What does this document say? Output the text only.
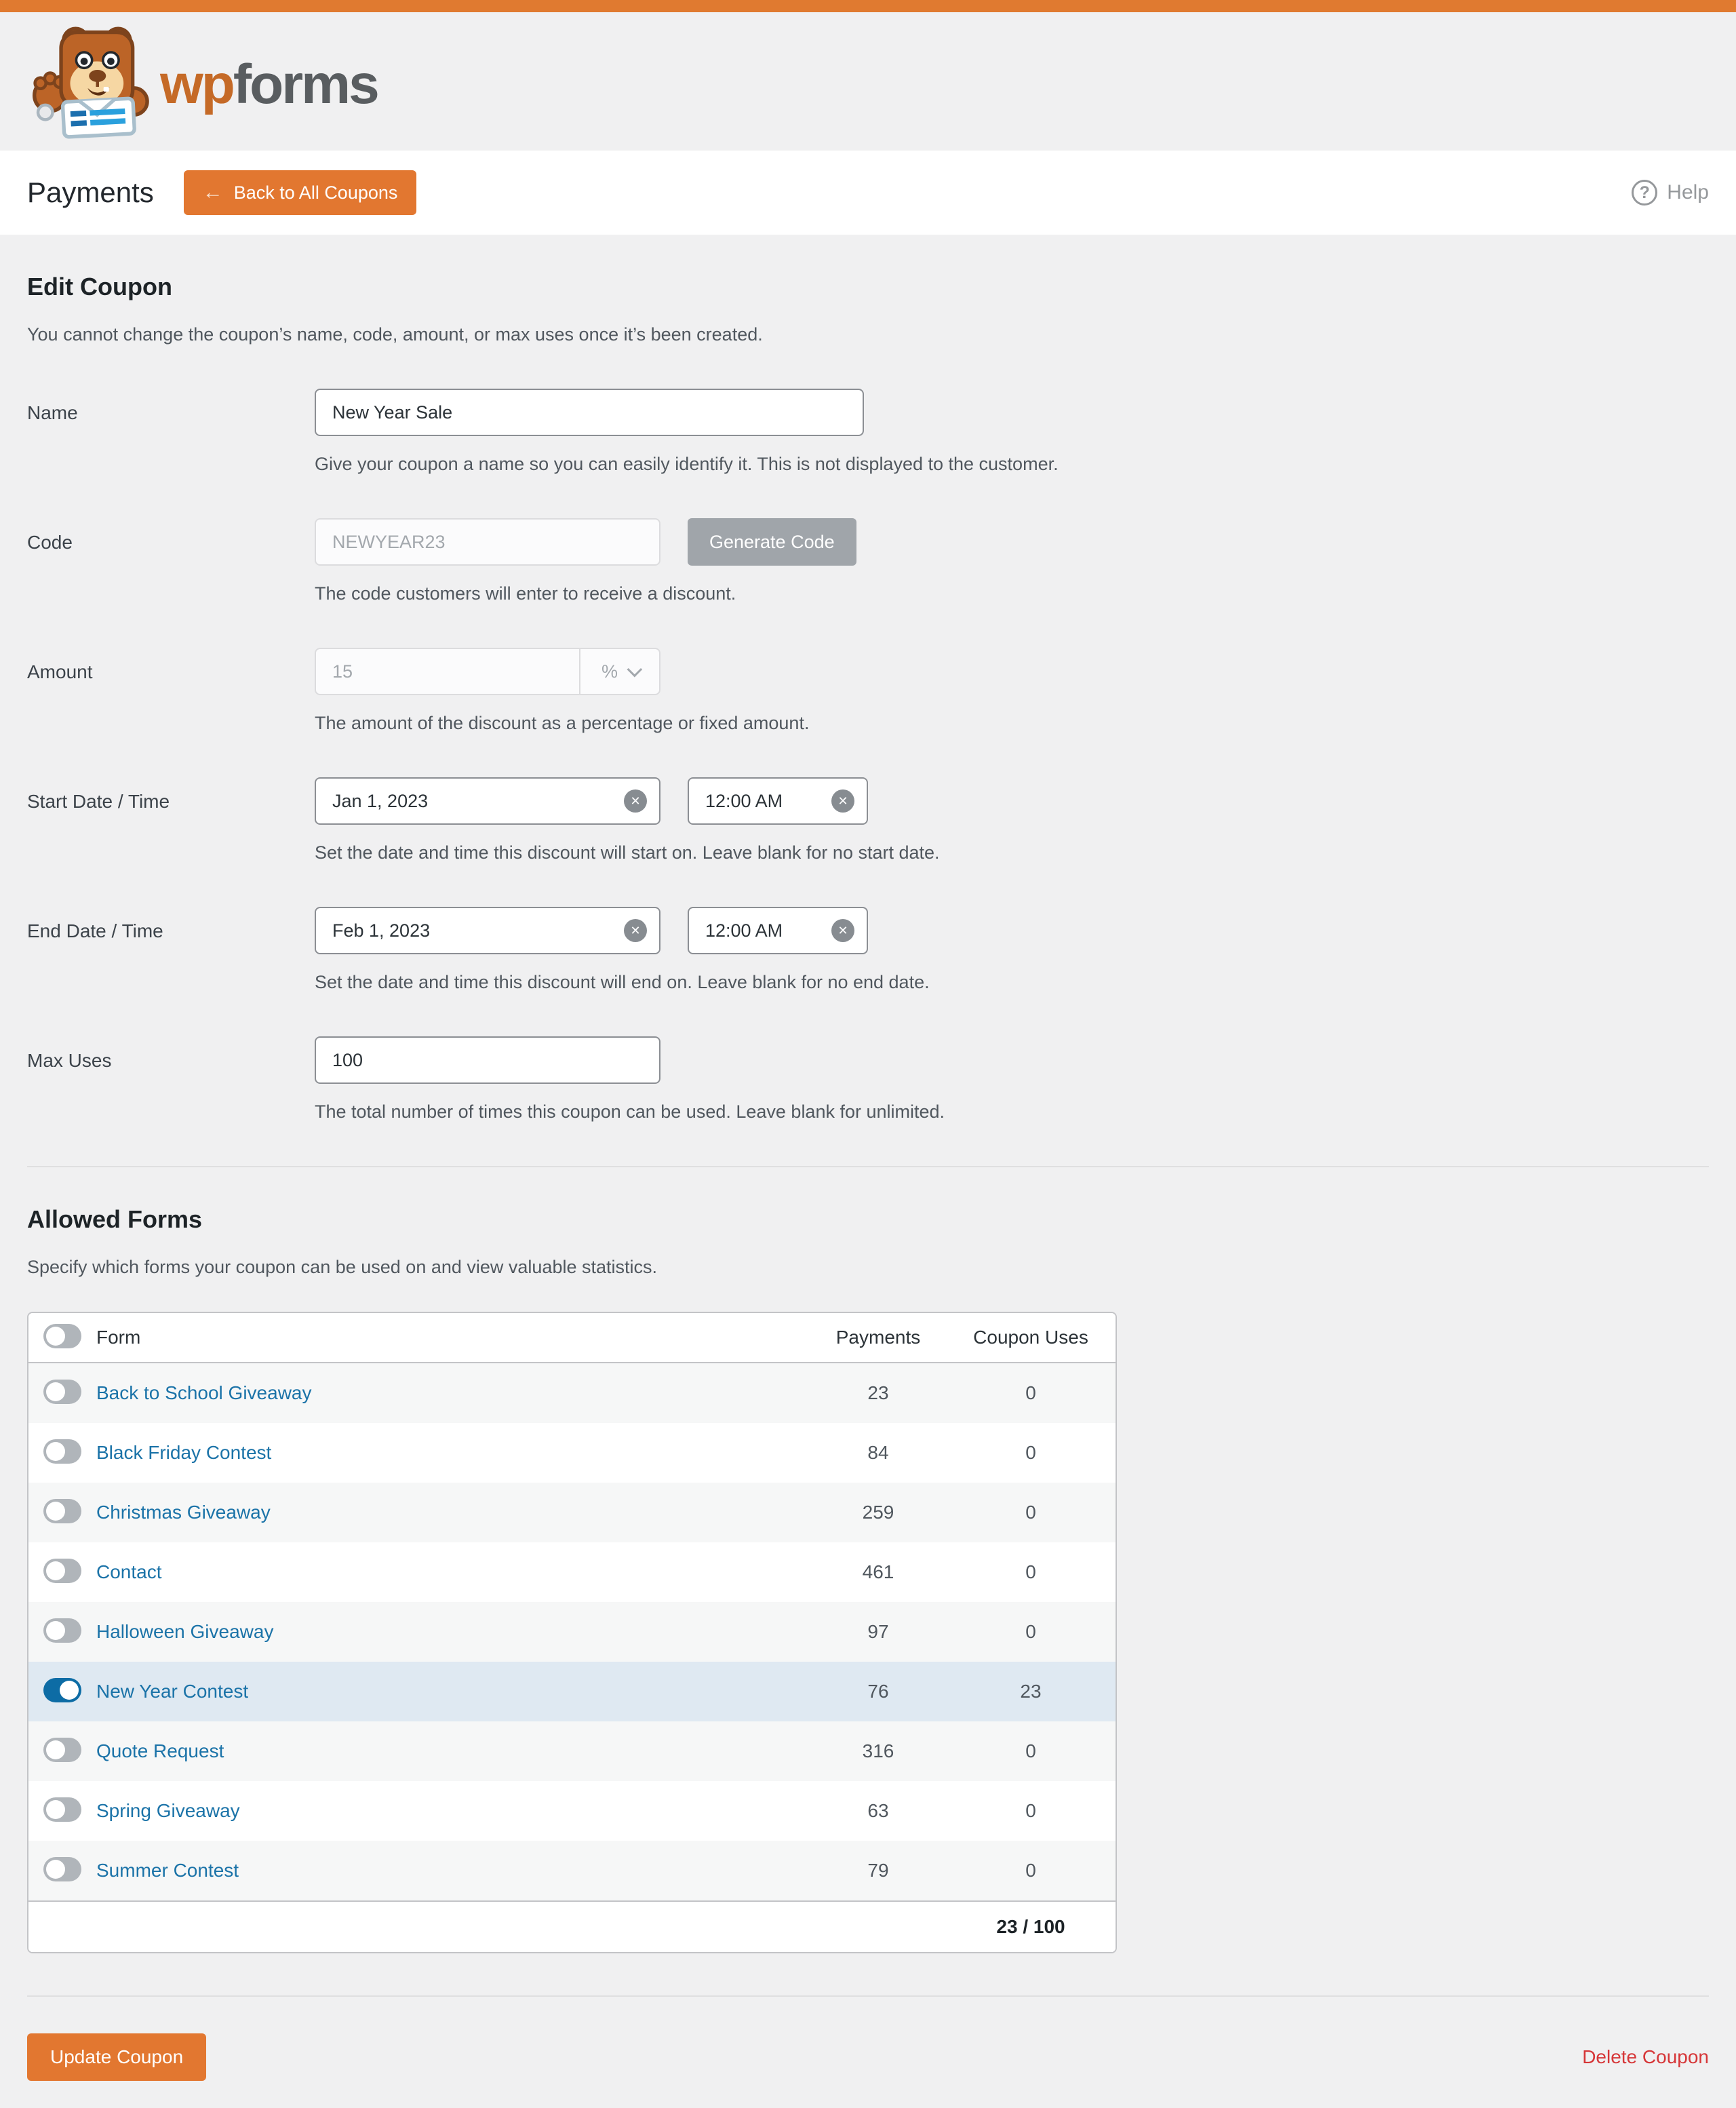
wpforms
Payments ←	Back to All Coupons ?	Help
Edit Coupon

You cannot change the coupon’s name, code, amount, or max uses once it’s been created.

Name
New Year Sale
Give your coupon a name so you can easily identify it. This is not displayed to the customer.
Code
NEWYEAR23	Generate Code
The code customers will enter to receive a discount.
Amount	15	%
The amount of the discount as a percentage or fixed amount.
Start Date / Time
Jan 1, 2023
✕
12:00 AM
✕
Set the date and time this discount will start on. Leave blank for no start date.
End Date / Time
Feb 1, 2023
✕
12:00 AM
✕
Set the date and time this discount will end on. Leave blank for no end date.
Max Uses
100
The total number of times this coupon can be used. Leave blank for unlimited.
Allowed Forms

Specify which forms your coupon can be used on and view valuable statistics.

Form	Payments	Coupon Uses
Back to School Giveaway	23	0
Black Friday Contest	84	0
Christmas Giveaway	259	0
Contact	461	0
Halloween Giveaway	97	0
New Year Contest	76	23
Quote Request	316	0
Spring Giveaway	63	0
Summer Contest	79	0
23 / 100
Update Coupon	Delete Coupon
